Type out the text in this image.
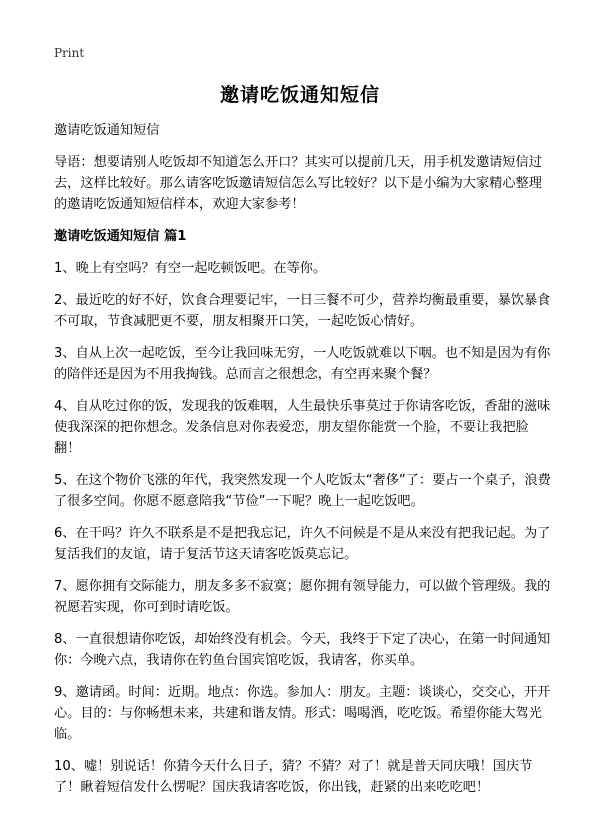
Print
邀请吃饭通知短信

邀请吃饭通知短信

导语：想要请别人吃饭却不知道怎么开口？其实可以提前几天，用手机发邀请短信过去，这样比较好。那么请客吃饭邀请短信怎么写比较好？以下是小编为大家精心整理的邀请吃饭通知短信样本，欢迎大家参考！

邀请吃饭通知短信 篇1

1、晚上有空吗？有空一起吃顿饭吧。在等你。

2、最近吃的好不好，饮食合理要记牢，一日三餐不可少，营养均衡最重要，暴饮暴食不可取，节食减肥更不要，朋友相聚开口笑，一起吃饭心情好。

3、自从上次一起吃饭，至今让我回味无穷，一人吃饭就难以下咽。也不知是因为有你的陪伴还是因为不用我掏钱。总而言之很想念，有空再来聚个餐？

4、自从吃过你的饭，发现我的饭难咽，人生最快乐事莫过于你请客吃饭，香甜的滋味使我深深的把你想念。发条信息对你表爱恋，朋友望你能赏一个脸，不要让我把脸翻！

5、在这个物价飞涨的年代，我突然发现一个人吃饭太“奢侈”了：要占一个桌子，浪费了很多空间。你愿不愿意陪我“节俭”一下呢？晚上一起吃饭吧。

6、在干吗？许久不联系是不是把我忘记，许久不问候是不是从来没有把我记起。为了复活我们的友谊，请于复活节这天请客吃饭莫忘记。

7、愿你拥有交际能力，朋友多多不寂寞；愿你拥有领导能力，可以做个管理级。我的祝愿若实现，你可到时请吃饭。

8、一直很想请你吃饭，却始终没有机会。今天，我终于下定了决心，在第一时间通知你：今晚六点，我请你在钓鱼台国宾馆吃饭，我请客，你买单。

9、邀请函。时间：近期。地点：你选。参加人：朋友。主题：谈谈心，交交心，开开心。目的：与你畅想未来，共建和谐友情。形式：喝喝酒，吃吃饭。希望你能大驾光临。

10、嘘！别说话！你猜今天什么日子，猜？不猜？对了！就是普天同庆哦！国庆节了！瞅着短信发什么愣呢？国庆我请客吃饭，你出钱，赶紧的出来吃吃吧！
